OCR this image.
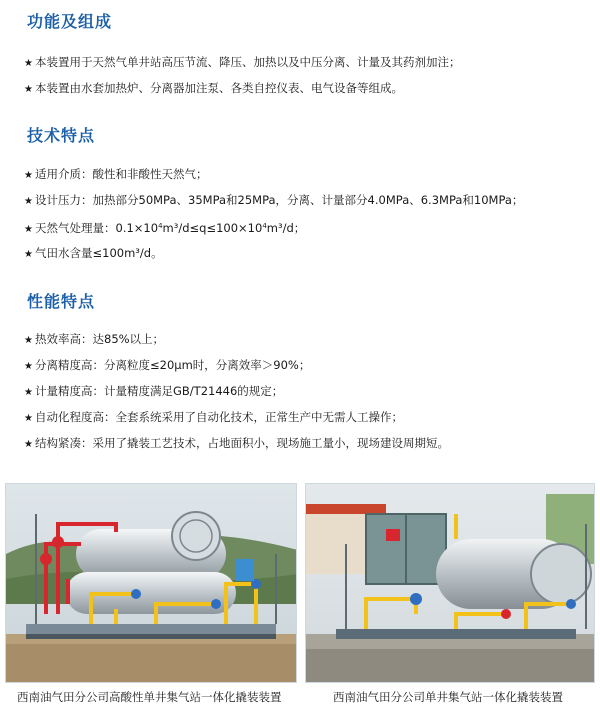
功能及组成
★ 本装置用于天然气单井站高压节流、降压、加热以及中压分离、计量及其药剂加注；
★ 本装置由水套加热炉、分离器加注泵、各类自控仪表、电气设备等组成。
技术特点
★ 适用介质：酸性和非酸性天然气；
★ 设计压力：加热部分50MPa、35MPa和25MPa，分离、计量部分4.0MPa、6.3MPa和10MPa；
★ 天然气处理量：$0.1\times 10^4m^3/d\le q\le 100\times 10^4m^3/d$；
★ 气田水含量≤100m³/d。
性能特点
★ 热效率高：达85%以上；
★ 分离精度高：分离粒度≤20μm时，分离效率＞90%；
★ 计量精度高：计量精度满足GB/T21446的规定；
★ 自动化程度高：全套系统采用了自动化技术，正常生产中无需人工操作；
★ 结构紧凑：采用了撬装工艺技术，占地面积小，现场施工量小，现场建设周期短。
西南油气田分公司高酸性单井集气站一体化撬装装置	西南油气田分公司单井集气站一体化撬装装置
